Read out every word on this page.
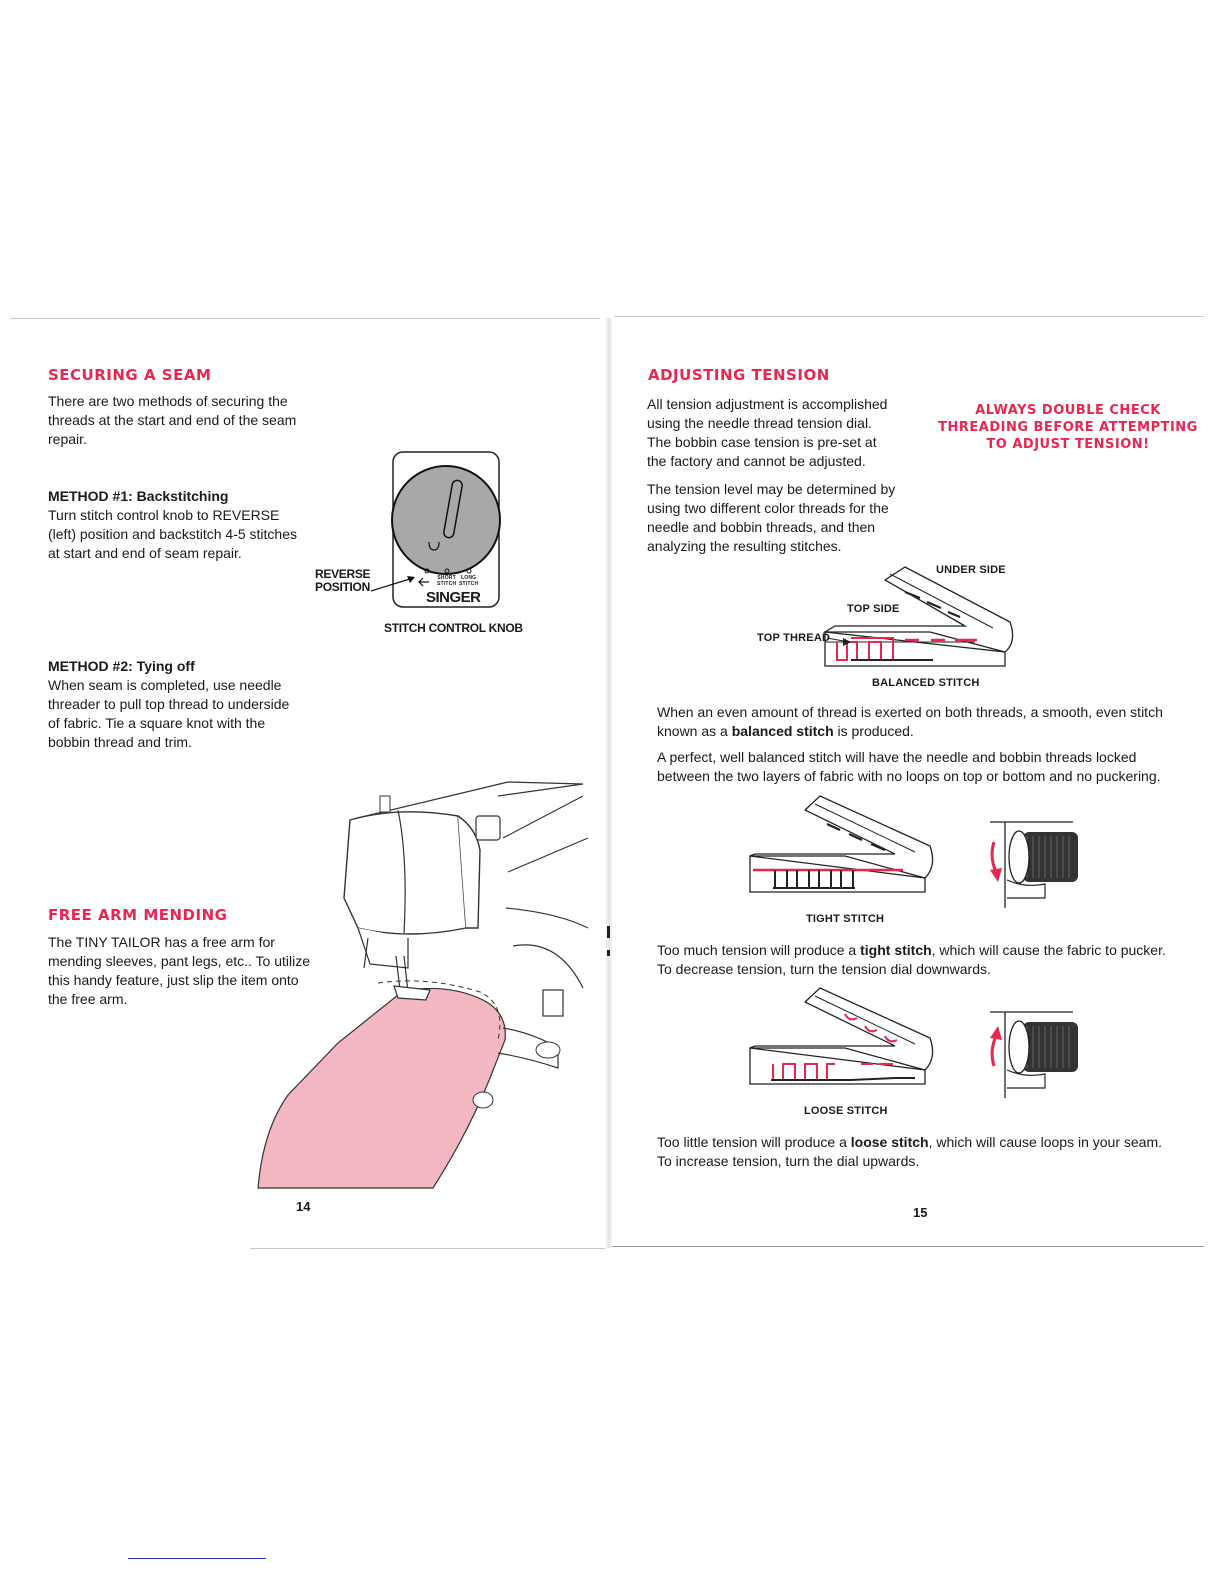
SECURING A SEAM
There are two methods of securing the threads at the start and end of the seam repair.
METHOD #1: Backstitching
Turn stitch control knob to REVERSE (left) position and backstitch 4-5 stitches at start and end of seam repair.
SHORT
STITCH
LONG
STITCH
SINGER
REVERSE
POSITION
STITCH CONTROL KNOB
METHOD #2: Tying off
When seam is completed, use needle threader to pull top thread to underside of fabric. Tie a square knot with the bobbin thread and trim.
FREE ARM MENDING
The TINY TAILOR has a free arm for mending sleeves, pant legs, etc.. To utilize this handy feature, just slip the item onto the free arm.
14
ADJUSTING TENSION
All tension adjustment is accomplished using the needle thread tension dial. The bobbin case tension is pre-set at the factory and cannot be adjusted.
The tension level may be determined by using two different color threads for the needle and bobbin threads, and then analyzing the resulting stitches.
ALWAYS DOUBLE CHECK THREADING BEFORE ATTEMPTING TO ADJUST TENSION!
UNDER SIDE
TOP SIDE
TOP THREAD
BALANCED STITCH
When an even amount of thread is exerted on both threads, a smooth, even stitch known as a balanced stitch is produced.
A perfect, well balanced stitch will have the needle and bobbin threads locked between the two layers of fabric with no loops on top or bottom and no puckering.
TIGHT STITCH
Too much tension will produce a tight stitch, which will cause the fabric to pucker.
To decrease tension, turn the tension dial downwards.
LOOSE STITCH
Too little tension will produce a loose stitch, which will cause loops in your seam.
To increase tension, turn the dial upwards.
15
